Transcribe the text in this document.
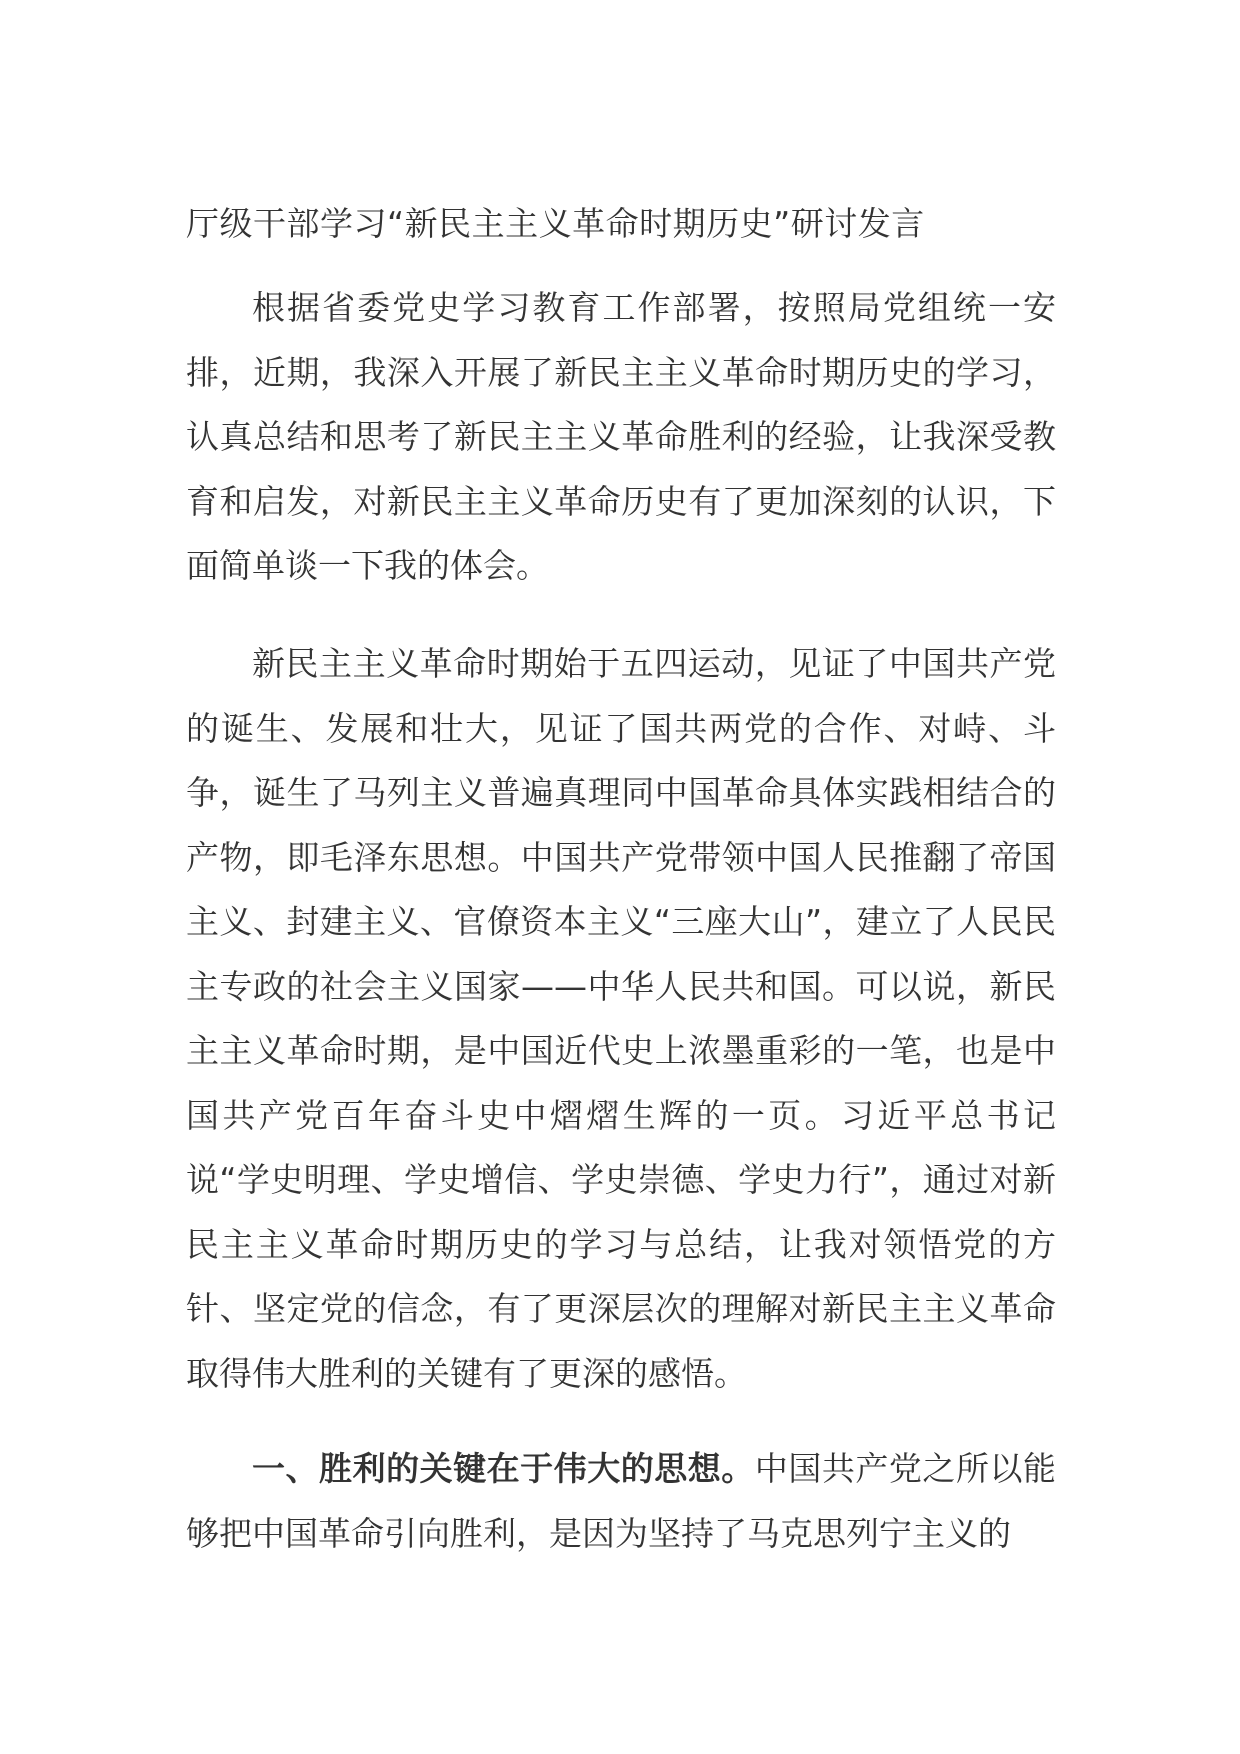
厅级干部学习“新民主主义革命时期历史”研讨发言

根据省委党史学习教育工作部署，按照局党组统一安排，近期，我深入开展了新民主主义革命时期历史的学习，认真总结和思考了新民主主义革命胜利的经验，让我深受教育和启发，对新民主主义革命历史有了更加深刻的认识，下面简单谈一下我的体会。

新民主主义革命时期始于五四运动，见证了中国共产党的诞生、发展和壮大，见证了国共两党的合作、对峙、斗争，诞生了马列主义普遍真理同中国革命具体实践相结合的产物，即毛泽东思想。中国共产党带领中国人民推翻了帝国主义、封建主义、官僚资本主义“三座大山”，建立了人民民主专政的社会主义国家——中华人民共和国。可以说，新民主主义革命时期，是中国近代史上浓墨重彩的一笔，也是中国共产党百年奋斗史中熠熠生辉的一页。习近平总书记说“学史明理、学史增信、学史崇德、学史力行”，通过对新民主主义革命时期历史的学习与总结，让我对领悟党的方针、坚定党的信念，有了更深层次的理解对新民主主义革命取得伟大胜利的关键有了更深的感悟。

一、胜利的关键在于伟大的思想。中国共产党之所以能够把中国革命引向胜利，是因为坚持了马克思列宁主义的
